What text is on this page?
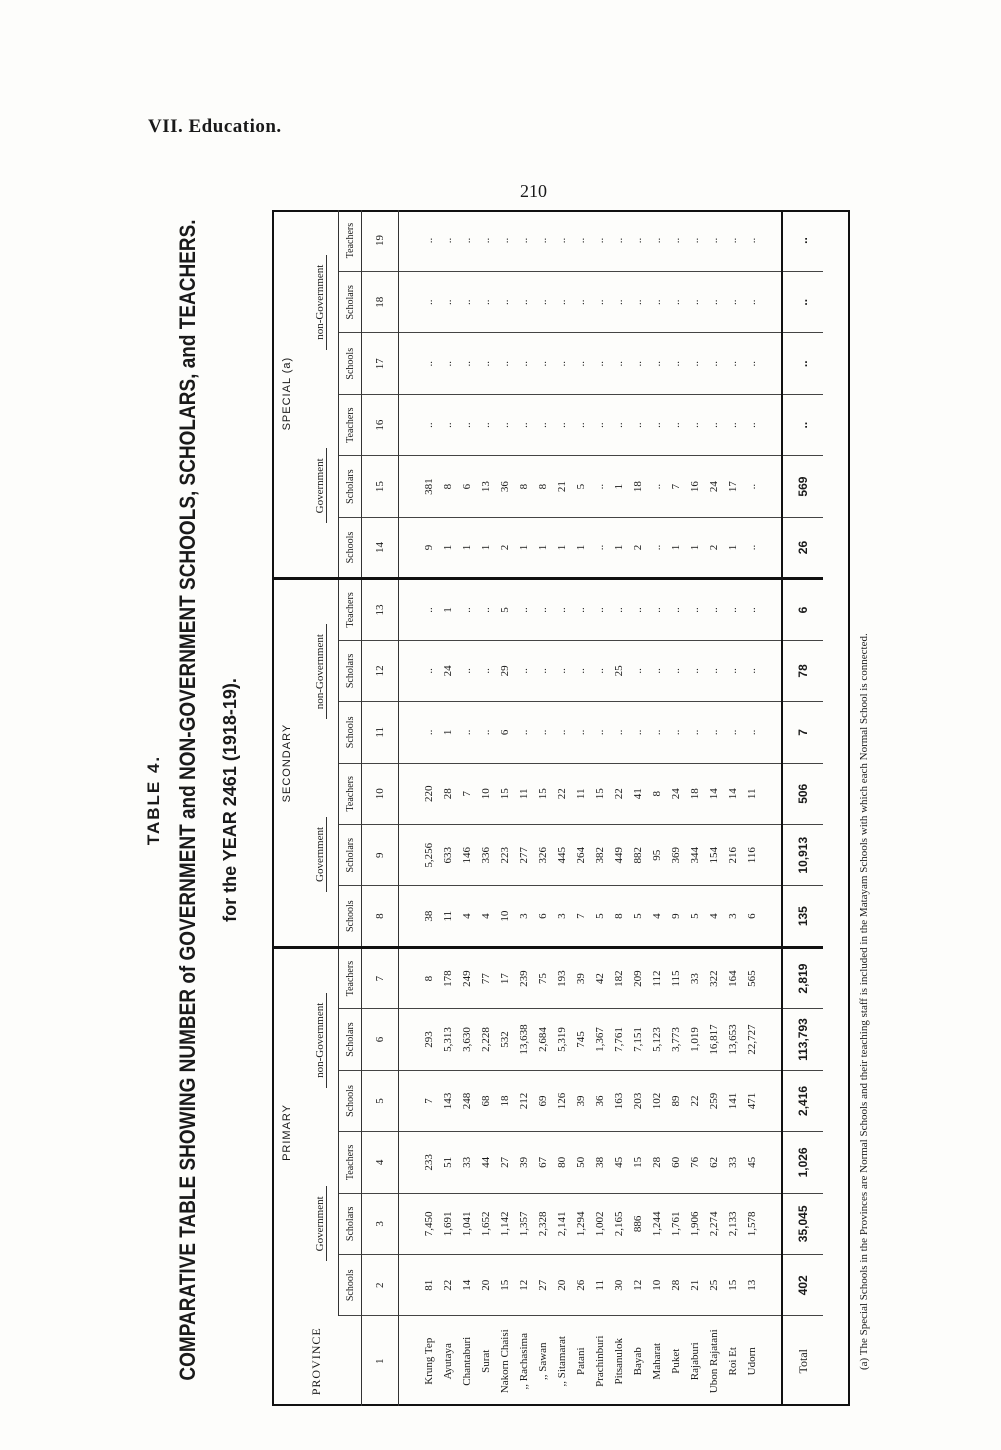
VII. Education.
210
TABLE 4. COMPARATIVE TABLE SHOWING NUMBER of GOVERNMENT and NON-GOVERNMENT SCHOOLS, SCHOLARS, and TEACHERS. for the YEAR 2461 (1918-19).
PROVINCE	PRIMARY						SECONDARY						SPECIAL (a)					
	Government			non-Government			Government			non-Government			Government			non-Government		
	Schools	Scholars	Teachers	Schools	Scholars	Teachers	Schools	Scholars	Teachers	Schools	Scholars	Teachers	Schools	Scholars	Teachers	Schools	Scholars	Teachers
1	2	3	4	5	6	7	8	9	10	11	12	13	14	15	16	17	18	19

Krung Tep	81	7,450	233	7	293	8	38	5,256	220	..	..	..	9	381	..	..	..	..
Ayutaya	22	1,691	51	143	5,313	178	11	633	28	1	24	1	1	8	..	..	..	..
Chantaburi	14	1,041	33	248	3,630	249	4	146	7	..	..	..	1	6	..	..	..	..
Surat	20	1,652	44	68	2,228	77	4	336	10	..	..	..	1	13	..	..	..	..
Nakorn Chaisi	15	1,142	27	18	532	17	10	223	15	6	29	5	2	36	..	..	..	..
,, Rachasima	12	1,357	39	212	13,638	239	3	277	11	..	..	..	1	8	..	..	..	..
,, Sawan	27	2,328	67	69	2,684	75	6	326	15	..	..	..	1	8	..	..	..	..
,, Sitamarat	20	2,141	80	126	5,319	193	3	445	22	..	..	..	1	21	..	..	..	..
Patani	26	1,294	50	39	745	39	7	264	11	..	..	..	1	5	..	..	..	..
Prachinburi	11	1,002	38	36	1,367	42	5	382	15	..	..	..	..	..	..	..	..	..
Pitsanulok	30	2,165	45	163	7,761	182	8	449	22	..	25	..	1	1	..	..	..	..
Bayab	12	886	15	203	7,151	209	5	882	41	..	..	..	2	18	..	..	..	..
Maharat	10	1,244	28	102	5,123	112	4	95	8	..	..	..	..	..	..	..	..	..
Puket	28	1,761	60	89	3,773	115	9	369	24	..	..	..	1	7	..	..	..	..
Rajaburi	21	1,906	76	22	1,019	33	5	344	18	..	..	..	1	16	..	..	..	..
Ubon Rajatani	25	2,274	62	259	16,817	322	4	154	14	..	..	..	2	24	..	..	..	..
Roi Et	15	2,133	33	141	13,653	164	3	216	14	..	..	..	1	17	..	..	..	..
Udorn	13	1,578	45	471	22,727	565	6	116	11	..	..	..	..	..	..	..	..	..

Total	402	35,045	1,026	2,416	113,793	2,819	135	10,913	506	7	78	6	26	569	..	..	..	..
(a) The Special Schools in the Provinces are Normal Schools and their teaching staff is included in the Matayam Schools with which each Normal School is connected.
